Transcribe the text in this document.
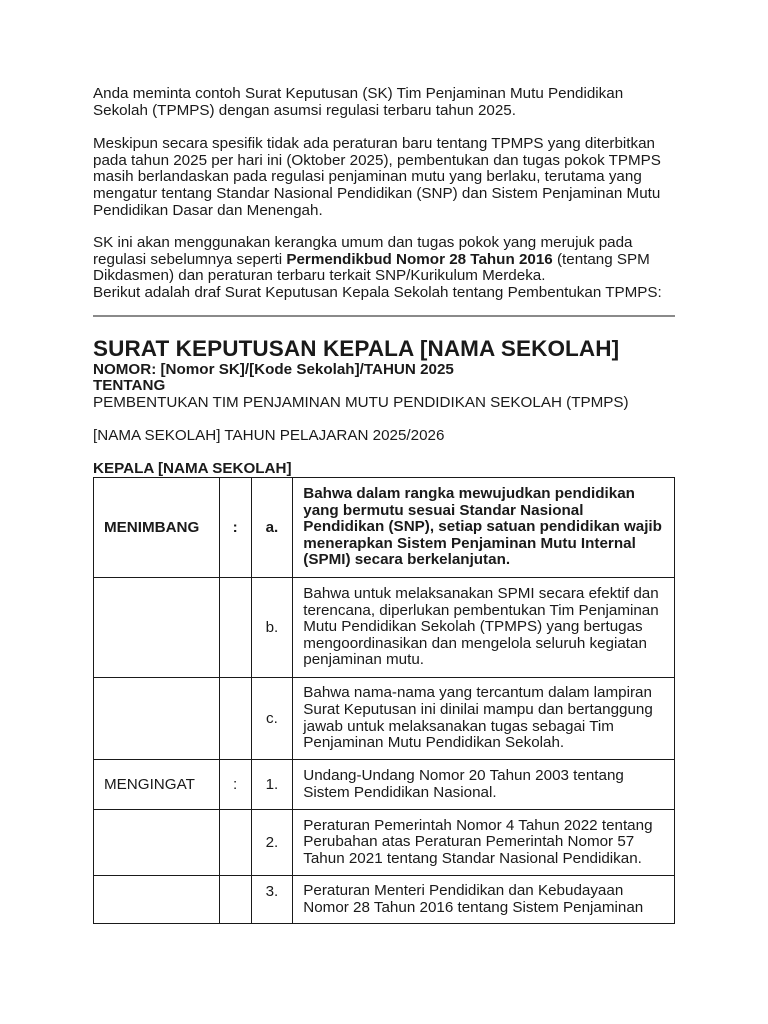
Anda meminta contoh Surat Keputusan (SK) Tim Penjaminan Mutu Pendidikan Sekolah (TPMPS) dengan asumsi regulasi terbaru tahun 2025.

Meskipun secara spesifik tidak ada peraturan baru tentang TPMPS yang diterbitkan pada tahun 2025 per hari ini (Oktober 2025), pembentukan dan tugas pokok TPMPS masih berlandaskan pada regulasi penjaminan mutu yang berlaku, terutama yang mengatur tentang Standar Nasional Pendidikan (SNP) dan Sistem Penjaminan Mutu Pendidikan Dasar dan Menengah.

SK ini akan menggunakan kerangka umum dan tugas pokok yang merujuk pada regulasi sebelumnya seperti Permendikbud Nomor 28 Tahun 2016 (tentang SPM Dikdasmen) dan peraturan terbaru terkait SNP/Kurikulum Merdeka.

Berikut adalah draf Surat Keputusan Kepala Sekolah tentang Pembentukan TPMPS:

SURAT KEPUTUSAN KEPALA [NAMA SEKOLAH]
NOMOR: [Nomor SK]/[Kode Sekolah]/TAHUN 2025
TENTANG
PEMBENTUKAN TIM PENJAMINAN MUTU PENDIDIKAN SEKOLAH (TPMPS)
[NAMA SEKOLAH] TAHUN PELAJARAN 2025/2026
KEPALA [NAMA SEKOLAH]
MENIMBANG	:	a.	Bahwa dalam rangka mewujudkan pendidikan yang bermutu sesuai Standar Nasional Pendidikan (SNP), setiap satuan pendidikan wajib menerapkan Sistem Penjaminan Mutu Internal (SPMI) secara berkelanjutan.
		b.	Bahwa untuk melaksanakan SPMI secara efektif dan terencana, diperlukan pembentukan Tim Penjaminan Mutu Pendidikan Sekolah (TPMPS) yang bertugas mengoordinasikan dan mengelola seluruh kegiatan penjaminan mutu.
		c.	Bahwa nama-nama yang tercantum dalam lampiran Surat Keputusan ini dinilai mampu dan bertanggung jawab untuk melaksanakan tugas sebagai Tim Penjaminan Mutu Pendidikan Sekolah.
MENGINGAT	:	1.	Undang-Undang Nomor 20 Tahun 2003 tentang Sistem Pendidikan Nasional.
		2.	Peraturan Pemerintah Nomor 4 Tahun 2022 tentang Perubahan atas Peraturan Pemerintah Nomor 57 Tahun 2021 tentang Standar Nasional Pendidikan.
		3.	Peraturan Menteri Pendidikan dan Kebudayaan Nomor 28 Tahun 2016 tentang Sistem Penjaminan
